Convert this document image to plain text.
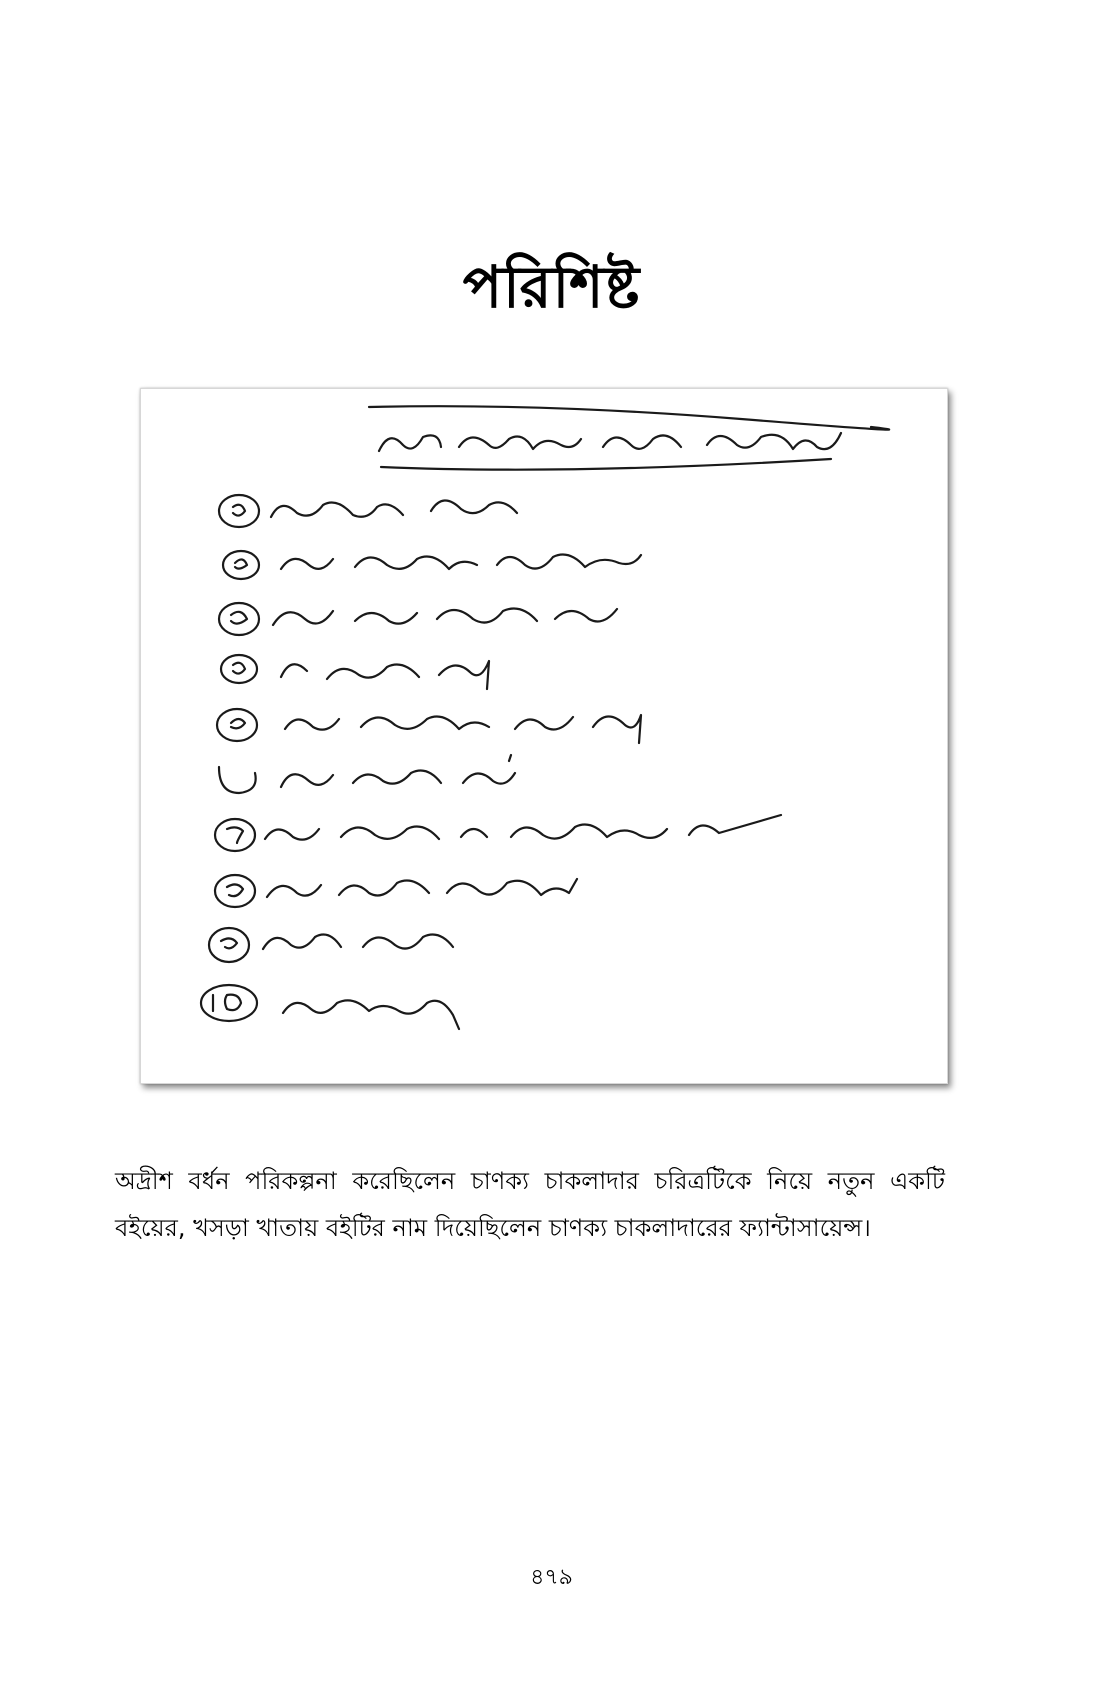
পরিশিষ্ট

অদ্রীশ বর্ধন পরিকল্পনা করেছিলেন চাণক্য চাকলাদার চরিত্রটিকে নিয়ে নতুন একটি বইয়ের, খসড়া খাতায় বইটির নাম দিয়েছিলেন চাণক্য চাকলাদারের ফ্যান্টাসায়েন্স।

৪৭৯
